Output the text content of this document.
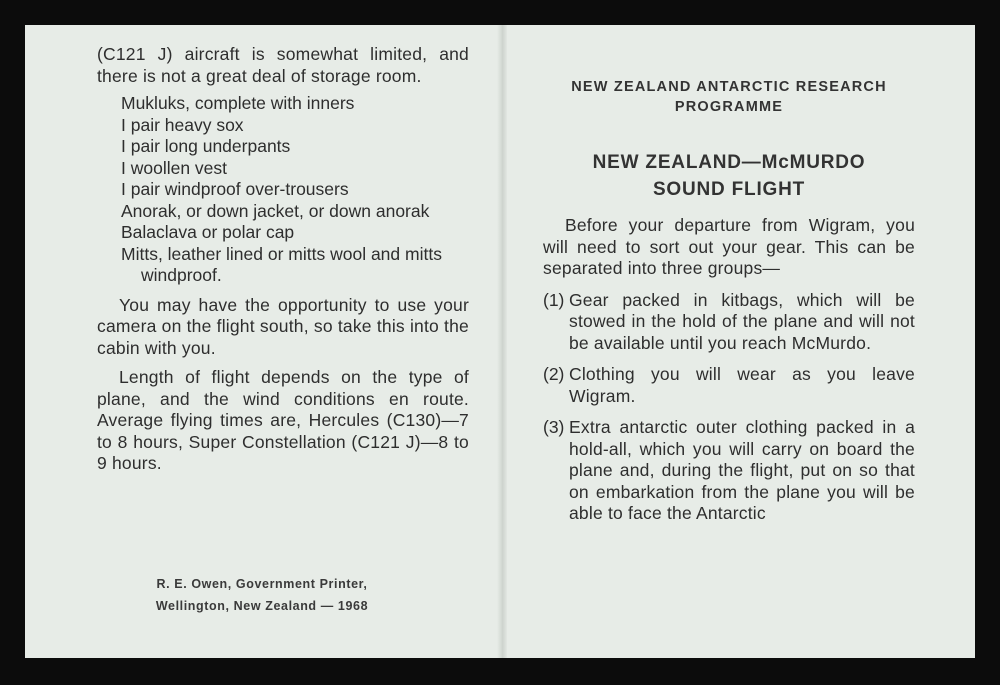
(C121 J) aircraft is somewhat limited, and there is not a great deal of storage room.

Mukluks, complete with inners
I pair heavy sox
I pair long underpants
I woollen vest
I pair windproof over-trousers
Anorak, or down jacket, or down anorak
Balaclava or polar cap
Mitts, leather lined or mitts wool and mitts windproof.

You may have the opportunity to use your camera on the flight south, so take this into the cabin with you.

Length of flight depends on the type of plane, and the wind conditions en route. Average flying times are, Hercules (C130)—7 to 8 hours, Super Constellation (C121 J)—8 to 9 hours.

R. E. Owen, Government Printer,
Wellington, New Zealand — 1968
NEW ZEALAND ANTARCTIC RESEARCH
PROGRAMME
NEW ZEALAND—McMURDO
SOUND FLIGHT

Before your departure from Wigram, you will need to sort out your gear. This can be separated into three groups—

(1) Gear packed in kitbags, which will be stowed in the hold of the plane and will not be available until you reach McMurdo.

(2) Clothing you will wear as you leave Wigram.

(3) Extra antarctic outer clothing packed in a hold-all, which you will carry on board the plane and, during the flight, put on so that on embarkation from the plane you will be able to face the Antarctic
